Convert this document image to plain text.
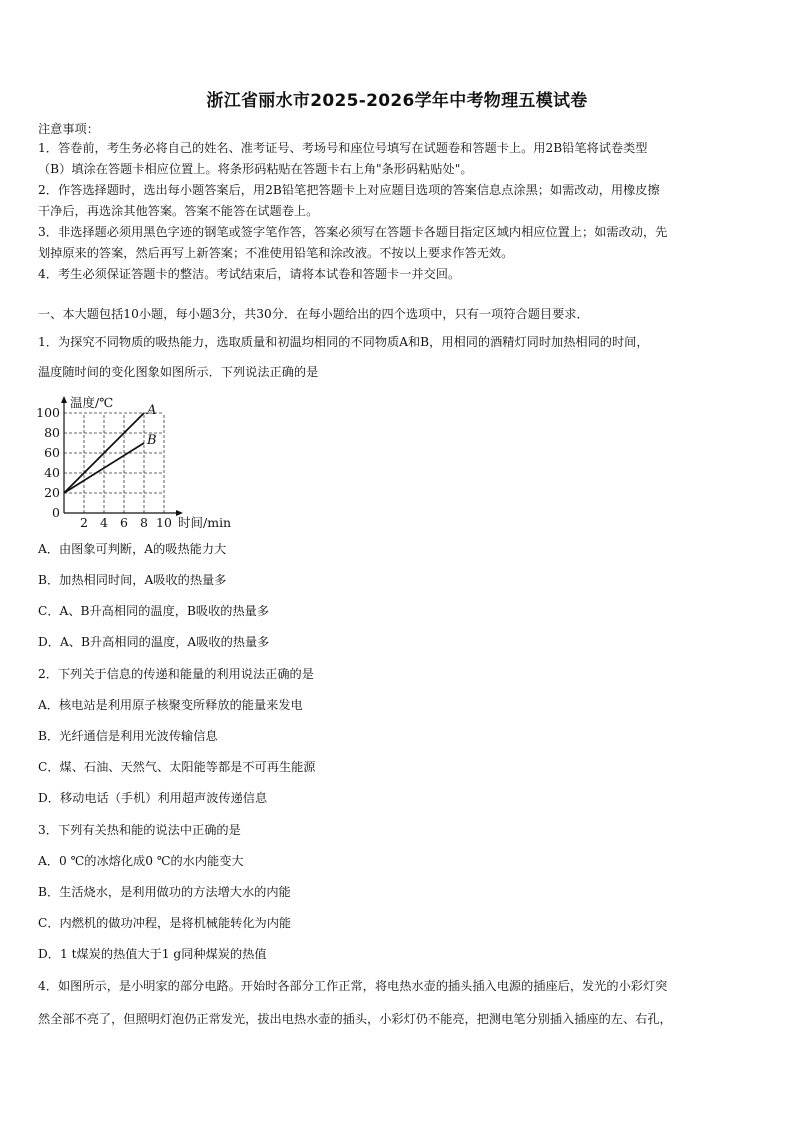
浙江省丽水市2025-2026学年中考物理五模试卷
注意事项：
1．答卷前，考生务必将自己的姓名、准考证号、考场号和座位号填写在试题卷和答题卡上。用2B铅笔将试卷类型
（B）填涂在答题卡相应位置上。将条形码粘贴在答题卡右上角"条形码粘贴处"。
2．作答选择题时，选出每小题答案后，用2B铅笔把答题卡上对应题目选项的答案信息点涂黑；如需改动，用橡皮擦
干净后，再选涂其他答案。答案不能答在试题卷上。
3．非选择题必须用黑色字迹的钢笔或签字笔作答，答案必须写在答题卡各题目指定区域内相应位置上；如需改动，先
划掉原来的答案，然后再写上新答案；不准使用铅笔和涂改液。不按以上要求作答无效。
4．考生必须保证答题卡的整洁。考试结束后，请将本试卷和答题卡一并交回。
一、本大题包括10小题，每小题3分，共30分．在每小题给出的四个选项中，只有一项符合题目要求．
1．为探究不同物质的吸热能力，选取质量和初温均相同的不同物质A和B，用相同的酒精灯同时加热相同的时间，
温度随时间的变化图象如图所示．下列说法正确的是
0
20
40
60
80
100
2 4 6 8 10
温度/℃
时间/min
A
B
A．由图象可判断，A的吸热能力大
B．加热相同时间，A吸收的热量多
C．A、B升高相同的温度，B吸收的热量多
D．A、B升高相同的温度，A吸收的热量多
2．下列关于信息的传递和能量的利用说法正确的是
A．核电站是利用原子核聚变所释放的能量来发电
B．光纤通信是利用光波传输信息
C．煤、石油、天然气、太阳能等都是不可再生能源
D．移动电话（手机）利用超声波传递信息
3．下列有关热和能的说法中正确的是
A．0 ℃的冰熔化成0 ℃的水内能变大
B．生活烧水，是利用做功的方法增大水的内能
C．内燃机的做功冲程，是将机械能转化为内能
D．1 t煤炭的热值大于1 g同种煤炭的热值
4．如图所示，是小明家的部分电路。开始时各部分工作正常，将电热水壶的插头插入电源的插座后，发光的小彩灯突
然全部不亮了，但照明灯泡仍正常发光，拔出电热水壶的插头，小彩灯仍不能亮，把测电笔分别插入插座的左、右孔，
